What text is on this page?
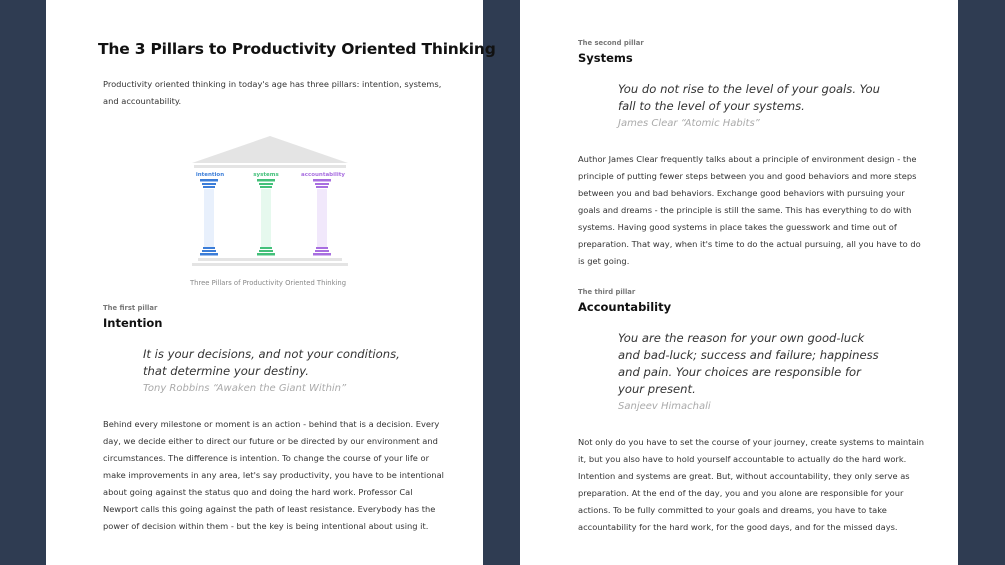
The 3 Pillars to Productivity Oriented Thinking
Productivity oriented thinking in today's age has three pillars: intention, systems,
and accountability.
intention	systems	accountability
Three Pillars of Productivity Oriented Thinking
The first pillar
Intention
It is your decisions, and not your conditions,
that determine your destiny.
Tony Robbins “Awaken the Giant Within”
Behind every milestone or moment is an action - behind that is a decision. Every
day, we decide either to direct our future or be directed by our environment and
circumstances. The difference is intention. To change the course of your life or
make improvements in any area, let's say productivity, you have to be intentional
about going against the status quo and doing the hard work. Professor Cal
Newport calls this going against the path of least resistance. Everybody has the
power of decision within them - but the key is being intentional about using it.
The second pillar
Systems
You do not rise to the level of your goals. You
fall to the level of your systems.
James Clear “Atomic Habits”
Author James Clear frequently talks about a principle of environment design - the
principle of putting fewer steps between you and good behaviors and more steps
between you and bad behaviors. Exchange good behaviors with pursuing your
goals and dreams - the principle is still the same. This has everything to do with
systems. Having good systems in place takes the guesswork and time out of
preparation. That way, when it's time to do the actual pursuing, all you have to do
is get going.
The third pillar
Accountability
You are the reason for your own good-luck
and bad-luck; success and failure; happiness
and pain. Your choices are responsible for
your present.
Sanjeev Himachali
Not only do you have to set the course of your journey, create systems to maintain
it, but you also have to hold yourself accountable to actually do the hard work.
Intention and systems are great. But, without accountability, they only serve as
preparation. At the end of the day, you and you alone are responsible for your
actions. To be fully committed to your goals and dreams, you have to take
accountability for the hard work, for the good days, and for the missed days.
